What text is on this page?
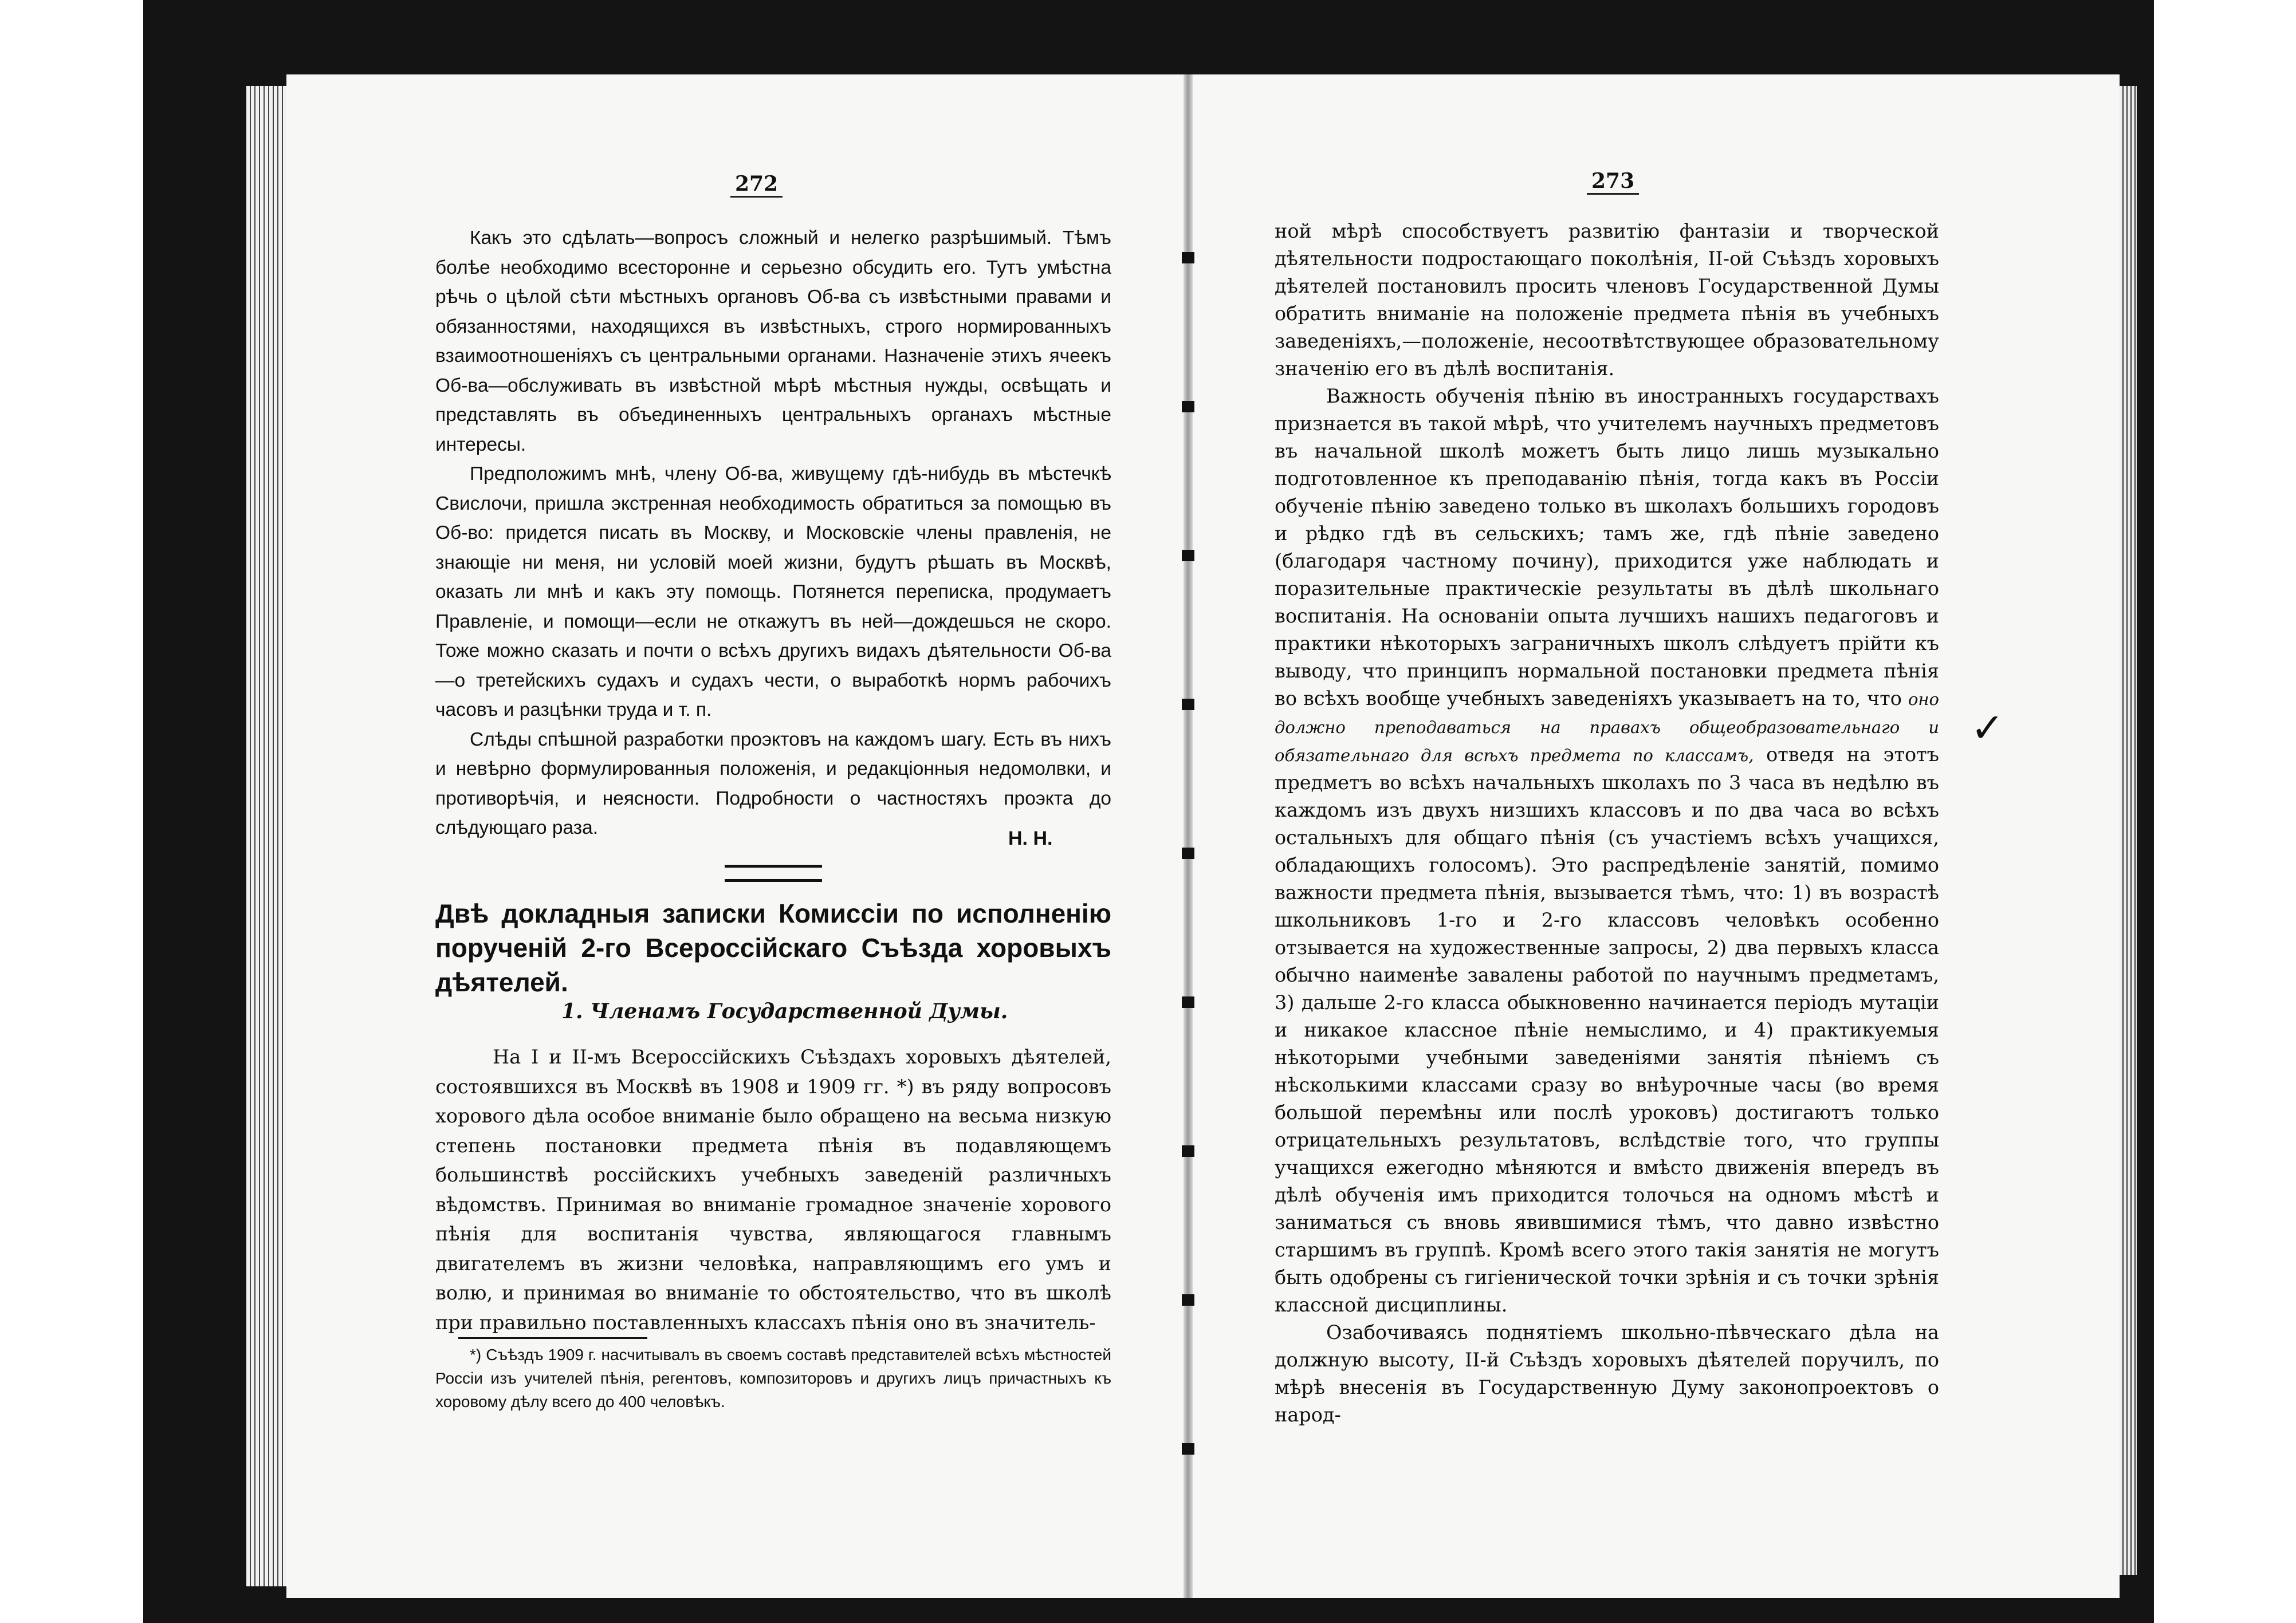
272

Какъ это сдѣлать—вопросъ сложный и нелегко разрѣшимый. Тѣмъ болѣе необходимо всесторонне и серьезно обсудить его. Тутъ умѣстна рѣчь о цѣлой сѣти мѣстныхъ органовъ Об-ва съ извѣстными правами и обязанностями, находящихся въ извѣстныхъ, строго нормированныхъ взаимоотношеніяхъ съ центральными органами. Назначеніе этихъ ячеекъ Об-ва—обслуживать въ извѣстной мѣрѣ мѣстныя нужды, освѣщать и представлять въ объединенныхъ центральныхъ органахъ мѣстные интересы.

Предположимъ мнѣ, члену Об-ва, живущему гдѣ-нибудь въ мѣстечкѣ Свислочи, пришла экстренная необходимость обратиться за помощью въ Об-во: придется писать въ Москву, и Московскіе члены правленія, не знающіе ни меня, ни условій моей жизни, будутъ рѣшать въ Москвѣ, оказать ли мнѣ и какъ эту помощь. Потянется переписка, продумаетъ Правленіе, и помощи—если не откажутъ въ ней—дождешься не скоро. Тоже можно сказать и почти о всѣхъ другихъ видахъ дѣятельности Об-ва—о третейскихъ судахъ и судахъ чести, о выработкѣ нормъ рабочихъ часовъ и разцѣнки труда и т. п.

Слѣды спѣшной разработки проэктовъ на каждомъ шагу. Есть въ нихъ и невѣрно формулированныя положенія, и редакціонныя недомолвки, и противорѣчія, и неясности. Подробности о частностяхъ проэкта до слѣдующаго раза.	Н. Н.
Двѣ докладныя записки Комиссіи по исполненію порученій 2-го Всероссійскаго Съѣзда хоровыхъ дѣятелей.
1. Членамъ Государственной Думы.

На I и II-мъ Всероссійскихъ Съѣздахъ хоровыхъ дѣятелей, состоявшихся въ Москвѣ въ 1908 и 1909 гг. *) въ ряду вопросовъ хорового дѣла особое вниманіе было обращено на весьма низкую степень постановки предмета пѣнія въ подавляющемъ большинствѣ россійскихъ учебныхъ заведеній различныхъ вѣдомствъ. Принимая во вниманіе громадное значеніе хорового пѣнія для воспитанія чувства, являющагося главнымъ двигателемъ въ жизни человѣка, направляющимъ его умъ и волю, и принимая во вниманіе то обстоятельство, что въ школѣ при правильно поставленныхъ классахъ пѣнія оно въ значитель-

*) Съѣздъ 1909 г. насчитывалъ въ своемъ составѣ представителей всѣхъ мѣстностей Россіи изъ учителей пѣнія, регентовъ, композиторовъ и другихъ лицъ причастныхъ къ хоровому дѣлу всего до 400 человѣкъ.

273

ной мѣрѣ способствуетъ развитію фантазіи и творческой дѣятельности подростающаго поколѣнія, II-ой Съѣздъ хоровыхъ дѣятелей постановилъ просить членовъ Государственной Думы обратить вниманіе на положеніе предмета пѣнія въ учебныхъ заведеніяхъ,—положеніе, несоотвѣтствующее образовательному значенію его въ дѣлѣ воспитанія.

Важность обученія пѣнію въ иностранныхъ государствахъ признается въ такой мѣрѣ, что учителемъ научныхъ предметовъ въ начальной школѣ можетъ быть лицо лишь музыкально подготовленное къ преподаванію пѣнія, тогда какъ въ Россіи обученіе пѣнію заведено только въ школахъ большихъ городовъ и рѣдко гдѣ въ сельскихъ; тамъ же, гдѣ пѣніе заведено (благодаря частному почину), приходится уже наблюдать и поразительные практическіе результаты въ дѣлѣ школьнаго воспитанія. На основаніи опыта лучшихъ нашихъ педагоговъ и практики нѣкоторыхъ заграничныхъ школъ слѣдуетъ прійти къ выводу, что принципъ нормальной постановки предмета пѣнія во всѣхъ вообще учебныхъ заведеніяхъ указываетъ на то, что оно должно преподаваться на правахъ общеобразовательнаго и обязательнаго для всѣхъ предмета по классамъ, отведя на этотъ предметъ во всѣхъ начальныхъ школахъ по 3 часа въ недѣлю въ каждомъ изъ двухъ низшихъ классовъ и по два часа во всѣхъ остальныхъ для общаго пѣнія (съ участіемъ всѣхъ учащихся, обладающихъ голосомъ). Это распредѣленіе занятій, помимо важности предмета пѣнія, вызывается тѣмъ, что: 1) въ возрастѣ школьниковъ 1-го и 2-го классовъ человѣкъ особенно отзывается на художественные запросы, 2) два первыхъ класса обычно наименѣе завалены работой по научнымъ предметамъ, 3) дальше 2-го класса обыкновенно начинается періодъ мутаціи и никакое классное пѣніе немыслимо, и 4) практикуемыя нѣкоторыми учебными заведеніями занятія пѣніемъ съ нѣсколькими классами сразу во внѣурочные часы (во время большой перемѣны или послѣ уроковъ) достигаютъ только отрицательныхъ результатовъ, вслѣдствіе того, что группы учащихся ежегодно мѣняются и вмѣсто движенія впередъ въ дѣлѣ обученія имъ приходится толочься на одномъ мѣстѣ и заниматься съ вновь явившимися тѣмъ, что давно извѣстно старшимъ въ группѣ. Кромѣ всего этого такія занятія не могутъ быть одобрены съ гигіенической точки зрѣнія и съ точки зрѣнія классной дисциплины.

Озабочиваясь поднятіемъ школьно-пѣвческаго дѣла на должную высоту, II-й Съѣздъ хоровыхъ дѣятелей поручилъ, по мѣрѣ внесенія въ Государственную Думу законопроектовъ о народ-

✓
